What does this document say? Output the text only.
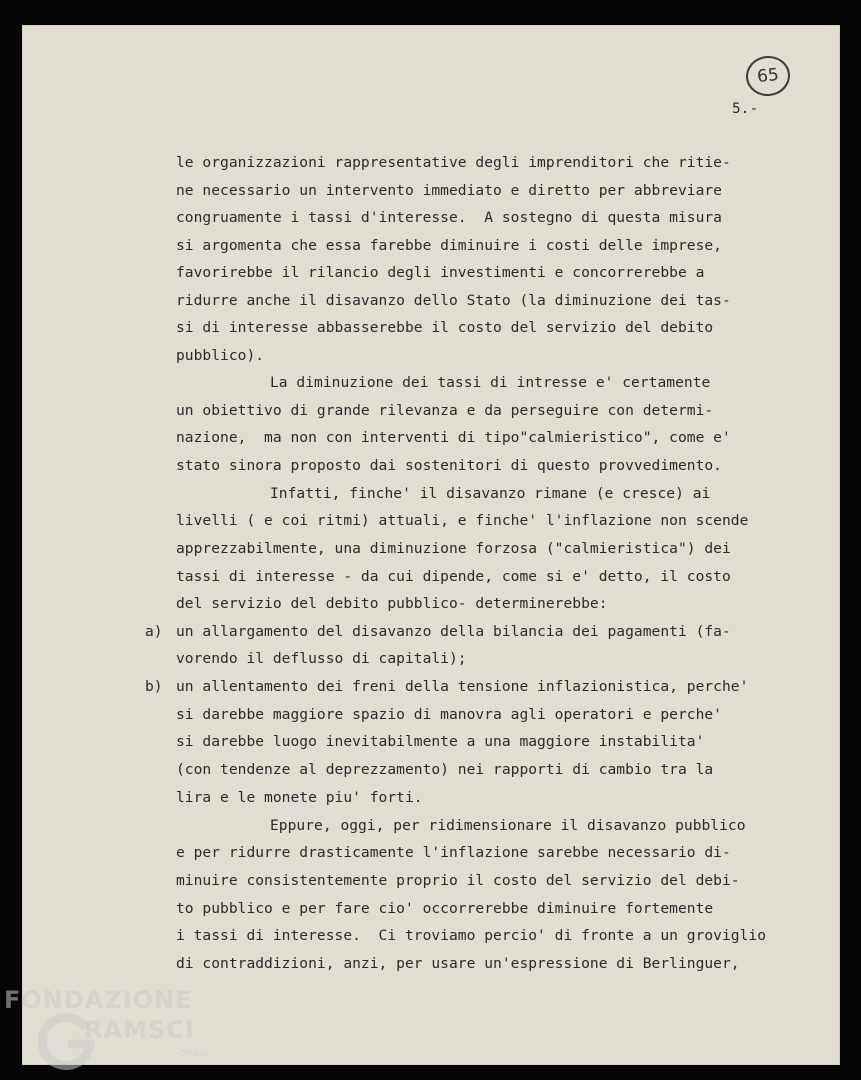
65
5.-
le organizzazioni rappresentative degli imprenditori che ritie-
ne necessario un intervento immediato e diretto per abbreviare
congruamente i tassi d'interesse.  A sostegno di questa misura
si argomenta che essa farebbe diminuire i costi delle imprese,
favorirebbe il rilancio degli investimenti e concorrerebbe a
ridurre anche il disavanzo dello Stato (la diminuzione dei tas-
si di interesse abbasserebbe il costo del servizio del debito
pubblico).
La diminuzione dei tassi di intresse e' certamente
un obiettivo di grande rilevanza e da perseguire con determi-
nazione,  ma non con interventi di tipo"calmieristico", come e'
stato sinora proposto dai sostenitori di questo provvedimento.
Infatti, finche' il disavanzo rimane (e cresce) ai
livelli ( e coi ritmi) attuali, e finche' l'inflazione non scende
apprezzabilmente, una diminuzione forzosa ("calmieristica") dei
tassi di interesse - da cui dipende, come si e' detto, il costo
del servizio del debito pubblico- determinerebbe:
a) un allargamento del disavanzo della bilancia dei pagamenti (fa-
vorendo il deflusso di capitali);
b) un allentamento dei freni della tensione inflazionistica, perche'
si darebbe maggiore spazio di manovra agli operatori e perche'
si darebbe luogo inevitabilmente a una maggiore instabilita'
(con tendenze al deprezzamento) nei rapporti di cambio tra la
lira e le monete piu' forti.
Eppure, oggi, per ridimensionare il disavanzo pubblico
e per ridurre drasticamente l'inflazione sarebbe necessario di-
minuire consistentemente proprio il costo del servizio del debi-
to pubblico e per fare cio' occorrerebbe diminuire fortemente
i tassi di interesse.  Ci troviamo percio' di fronte a un groviglio
di contraddizioni, anzi, per usare un'espressione di Berlinguer,
FONDAZIONE
RAMSCI
onlus
